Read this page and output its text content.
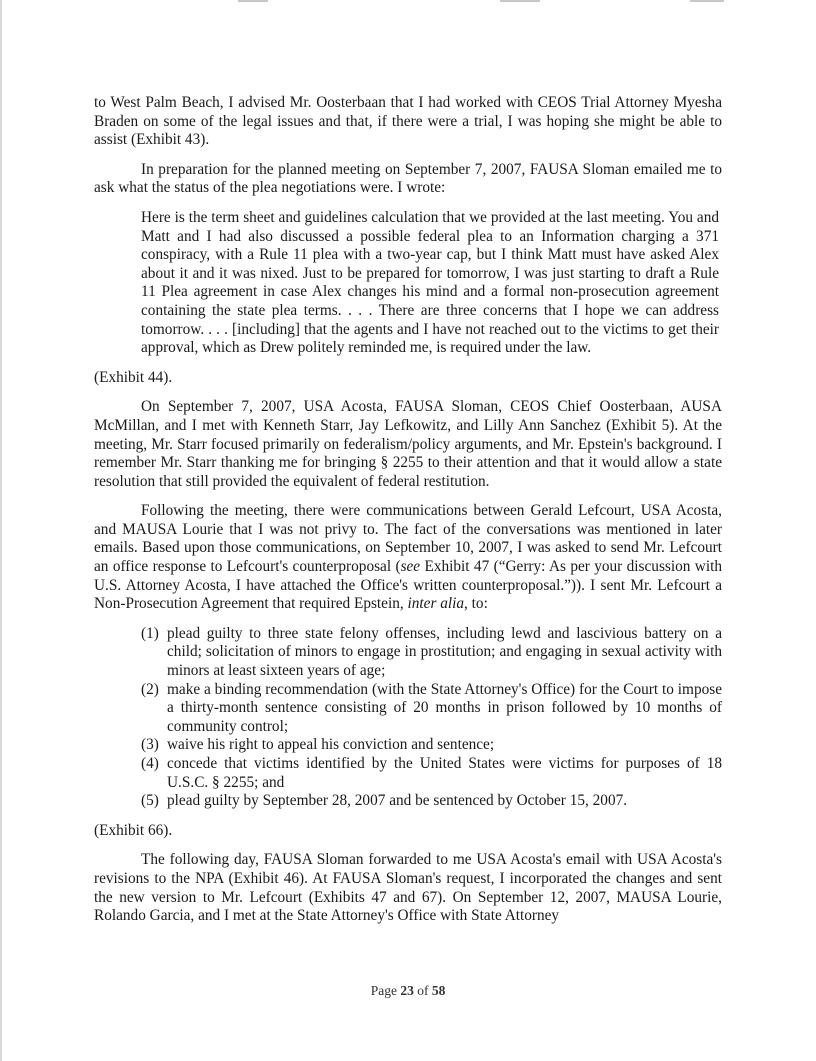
to West Palm Beach, I advised Mr. Oosterbaan that I had worked with CEOS Trial Attorney Myesha Braden on some of the legal issues and that, if there were a trial, I was hoping she might be able to assist (Exhibit 43).

In preparation for the planned meeting on September 7, 2007, FAUSA Sloman emailed me to ask what the status of the plea negotiations were. I wrote:

Here is the term sheet and guidelines calculation that we provided at the last meeting. You and Matt and I had also discussed a possible federal plea to an Information charging a 371 conspiracy, with a Rule 11 plea with a two-year cap, but I think Matt must have asked Alex about it and it was nixed. Just to be prepared for tomorrow, I was just starting to draft a Rule 11 Plea agreement in case Alex changes his mind and a formal non-prosecution agreement containing the state plea terms. . . . There are three concerns that I hope we can address tomorrow. . . . [including] that the agents and I have not reached out to the victims to get their approval, which as Drew politely reminded me, is required under the law.

(Exhibit 44).

On September 7, 2007, USA Acosta, FAUSA Sloman, CEOS Chief Oosterbaan, AUSA McMillan, and I met with Kenneth Starr, Jay Lefkowitz, and Lilly Ann Sanchez (Exhibit 5). At the meeting, Mr. Starr focused primarily on federalism/policy arguments, and Mr. Epstein's background. I remember Mr. Starr thanking me for bringing § 2255 to their attention and that it would allow a state resolution that still provided the equivalent of federal restitution.

Following the meeting, there were communications between Gerald Lefcourt, USA Acosta, and MAUSA Lourie that I was not privy to. The fact of the conversations was mentioned in later emails. Based upon those communications, on September 10, 2007, I was asked to send Mr. Lefcourt an office response to Lefcourt's counterproposal (see Exhibit 47 (“Gerry: As per your discussion with U.S. Attorney Acosta, I have attached the Office's written counterproposal.”)). I sent Mr. Lefcourt a Non-Prosecution Agreement that required Epstein, inter alia, to:

(1) plead guilty to three state felony offenses, including lewd and lascivious battery on a child; solicitation of minors to engage in prostitution; and engaging in sexual activity with minors at least sixteen years of age;
(2) make a binding recommendation (with the State Attorney's Office) for the Court to impose a thirty-month sentence consisting of 20 months in prison followed by 10 months of community control;
(3) waive his right to appeal his conviction and sentence;
(4) concede that victims identified by the United States were victims for purposes of 18 U.S.C. § 2255; and
(5) plead guilty by September 28, 2007 and be sentenced by October 15, 2007.

(Exhibit 66).

The following day, FAUSA Sloman forwarded to me USA Acosta's email with USA Acosta's revisions to the NPA (Exhibit 46). At FAUSA Sloman's request, I incorporated the changes and sent the new version to Mr. Lefcourt (Exhibits 47 and 67). On September 12, 2007, MAUSA Lourie, Rolando Garcia, and I met at the State Attorney's Office with State Attorney

Page 23 of 58
